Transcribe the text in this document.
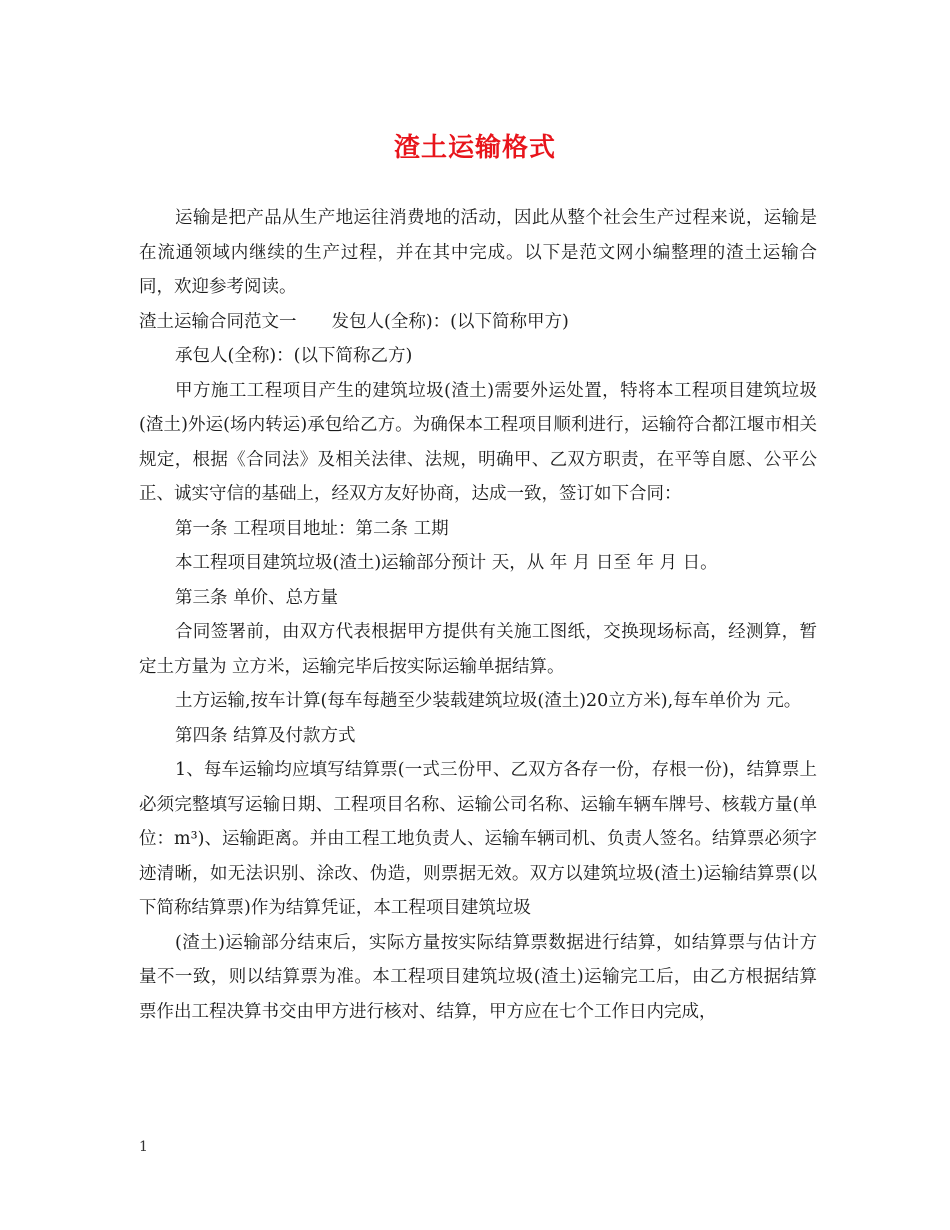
渣土运输格式

运输是把产品从生产地运往消费地的活动，因此从整个社会生产过程来说，运输是在流通领域内继续的生产过程，并在其中完成。以下是范文网小编整理的渣土运输合同，欢迎参考阅读。

渣土运输合同范文一　　发包人(全称)：(以下简称甲方)

承包人(全称)：(以下简称乙方)

甲方施工工程项目产生的建筑垃圾(渣土)需要外运处置，特将本工程项目建筑垃圾(渣土)外运(场内转运)承包给乙方。为确保本工程项目顺利进行，运输符合都江堰市相关规定，根据《合同法》及相关法律、法规，明确甲、乙双方职责，在平等自愿、公平公正、诚实守信的基础上，经双方友好协商，达成一致，签订如下合同：

第一条 工程项目地址：第二条 工期

本工程项目建筑垃圾(渣土)运输部分预计 天，从 年 月 日至 年 月 日。

第三条 单价、总方量

合同签署前，由双方代表根据甲方提供有关施工图纸，交换现场标高，经测算，暂定土方量为 立方米，运输完毕后按实际运输单据结算。

土方运输,按车计算(每车每趟至少装载建筑垃圾(渣土)20立方米),每车单价为 元。

第四条 结算及付款方式

1、每车运输均应填写结算票(一式三份甲、乙双方各存一份，存根一份)，结算票上必须完整填写运输日期、工程项目名称、运输公司名称、运输车辆车牌号、核载方量(单位：m³)、运输距离。并由工程工地负责人、运输车辆司机、负责人签名。结算票必须字迹清晰，如无法识别、涂改、伪造，则票据无效。双方以建筑垃圾(渣土)运输结算票(以下简称结算票)作为结算凭证，本工程项目建筑垃圾

(渣土)运输部分结束后，实际方量按实际结算票数据进行结算，如结算票与估计方量不一致，则以结算票为准。本工程项目建筑垃圾(渣土)运输完工后，由乙方根据结算票作出工程决算书交由甲方进行核对、结算，甲方应在七个工作日内完成，

1
